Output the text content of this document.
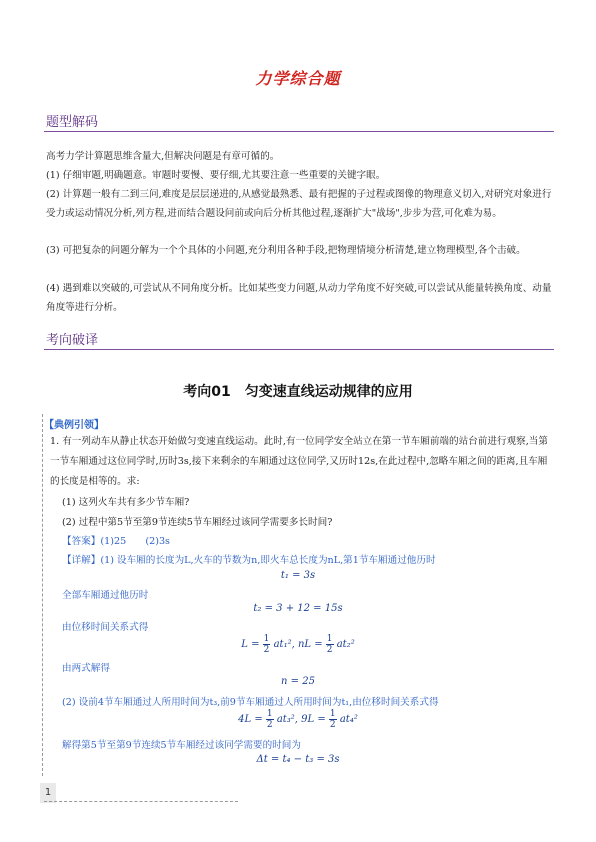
力学综合题
题型解码

高考力学计算题思维含量大,但解决问题是有章可循的。

(1) 仔细审题,明确题意。审题时要慢、要仔细,尤其要注意一些重要的关键字眼。

(2) 计算题一般有二到三问,难度是层层递进的,从感觉最熟悉、最有把握的子过程或图像的物理意义切入,对研究对象进行受力或运动情况分析,列方程,进而结合题设问前或向后分析其他过程,逐渐扩大"战场",步步为营,可化难为易。

(3) 可把复杂的问题分解为一个个具体的小问题,充分利用各种手段,把物理情境分析清楚,建立物理模型,各个击破。

(4) 遇到难以突破的,可尝试从不同角度分析。比如某些变力问题,从动力学角度不好突破,可以尝试从能量转换角度、动量角度等进行分析。

考向破译
考向01　匀变速直线运动规律的应用
【典例引领】

1. 有一列动车从静止状态开始做匀变速直线运动。此时,有一位同学安全站立在第一节车厢前端的站台前进行观察,当第一节车厢通过这位同学时,历时3s,接下来剩余的车厢通过这位同学,又历时12s,在此过程中,忽略车厢之间的距离,且车厢的长度是相等的。求:

(1) 这列火车共有多少节车厢?

(2) 过程中第5节至第9节连续5节车厢经过该同学需要多长时间?

【答案】(1)25　　(2)3s
【详解】(1) 设车厢的长度为L,火车的节数为n,即火车总长度为nL,第1节车厢通过他历时
t₁ = 3s
全部车厢通过他历时
t₂ = 3 + 12 = 15s
由位移时间关系式得
$L = \frac{1}{2} at_1^2$, nL = $\frac{1}{2} at_2^2$
由两式解得
n = 25
(2) 设前4节车厢通过人所用时间为t₃,前9节车厢通过人所用时间为t₁,由位移时间关系式得
$4L = \frac{1}{2} at_3^2$, $9L = \frac{1}{2} at_4^2$
解得第5节至第9节连续5节车厢经过该同学需要的时间为
Δt = t₄ − t₃ = 3s
1
